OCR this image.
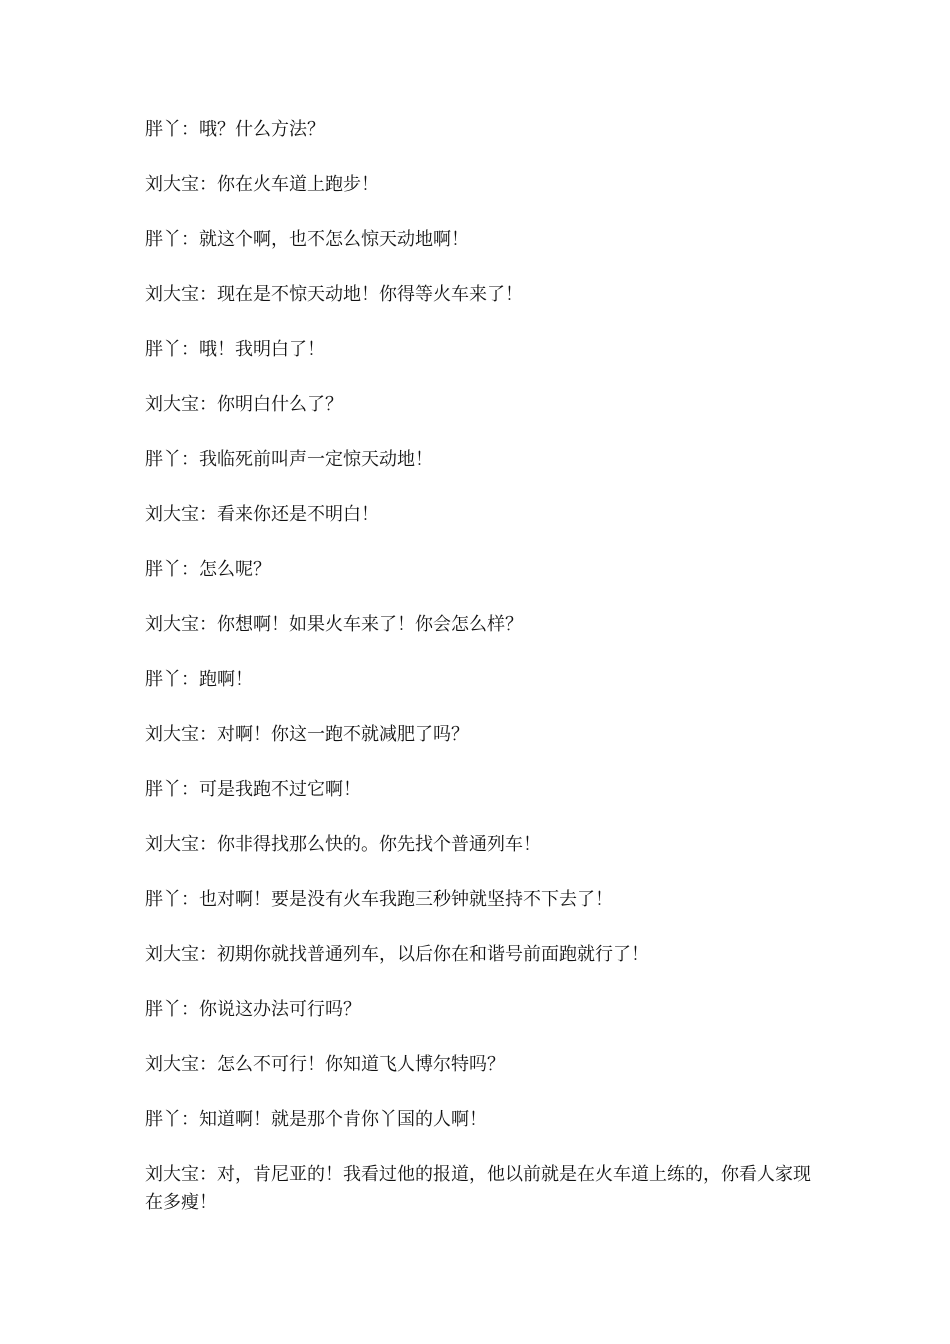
胖丫：哦？什么方法？

刘大宝：你在火车道上跑步！

胖丫：就这个啊，也不怎么惊天动地啊！

刘大宝：现在是不惊天动地！你得等火车来了！

胖丫：哦！我明白了！

刘大宝：你明白什么了？

胖丫：我临死前叫声一定惊天动地！

刘大宝：看来你还是不明白！

胖丫：怎么呢？

刘大宝：你想啊！如果火车来了！你会怎么样？

胖丫：跑啊！

刘大宝：对啊！你这一跑不就减肥了吗？

胖丫：可是我跑不过它啊！

刘大宝：你非得找那么快的。你先找个普通列车！

胖丫：也对啊！要是没有火车我跑三秒钟就坚持不下去了！

刘大宝：初期你就找普通列车，以后你在和谐号前面跑就行了！

胖丫：你说这办法可行吗？

刘大宝：怎么不可行！你知道飞人博尔特吗？

胖丫：知道啊！就是那个肯你丫国的人啊！

刘大宝：对，肯尼亚的！我看过他的报道，他以前就是在火车道上练的，你看人家现在多瘦！
